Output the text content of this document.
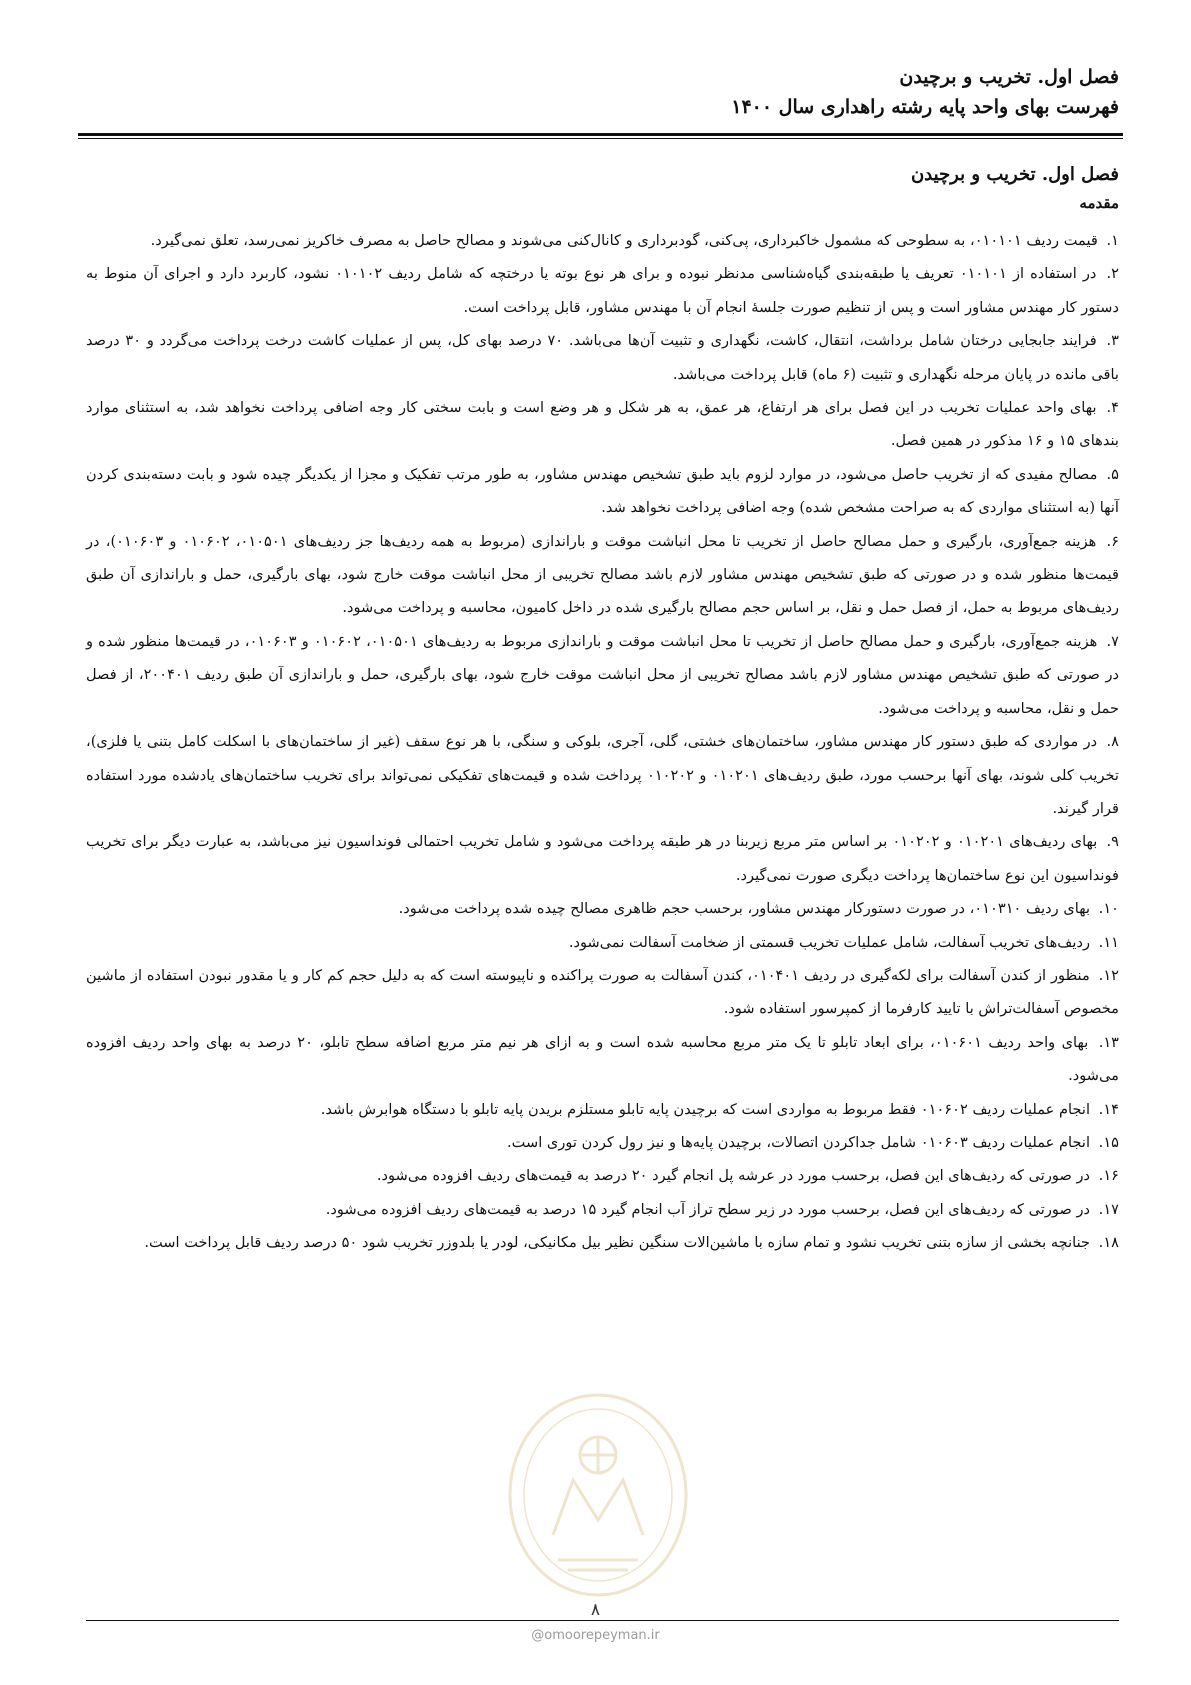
فصل اول. تخریب و برچیدن
فهرست بهای واحد پایه رشته راهداری سال ۱۴۰۰
فصل اول. تخریب و برچیدن
مقدمه
۱. قیمت ردیف ۰۱۰۱۰۱، به سطوحی که مشمول خاکبرداری، پی‌کنی، گودبرداری و کانال‌کنی می‌شوند و مصالح حاصل به مصرف خاکریز نمی‌رسد، تعلق نمی‌گیرد.
۲. در استفاده از ۰۱۰۱۰۱ تعریف یا طبقه‌بندی گیاه‌شناسی مدنظر نبوده و برای هر نوع بوته یا درختچه که شامل ردیف ۰۱۰۱۰۲ نشود، کاربرد دارد و اجرای آن منوط به دستور کار مهندس مشاور است و پس از تنظیم صورت جلسهٔ انجام آن با مهندس مشاور، قابل پرداخت است.
۳. فرایند جابجایی درختان شامل برداشت، انتقال، کاشت، نگهداری و تثبیت آن‌ها می‌باشد. ۷۰ درصد بهای کل، پس از عملیات کاشت درخت پرداخت می‌گردد و ۳۰ درصد باقی مانده در پایان مرحله نگهداری و تثبیت (۶ ماه) قابل پرداخت می‌باشد.
۴. بهای واحد عملیات تخریب در این فصل برای هر ارتفاع، هر عمق، به هر شکل و هر وضع است و بابت سختی کار وجه اضافی پرداخت نخواهد شد، به استثنای موارد بندهای ۱۵ و ۱۶ مذکور در همین فصل.
۵. مصالح مفیدی که از تخریب حاصل می‌شود، در موارد لزوم باید طبق تشخیص مهندس مشاور، به طور مرتب تفکیک و مجزا از یکدیگر چیده شود و بابت دسته‌بندی کردن آنها (به استثنای مواردی که به صراحت مشخص شده) وجه اضافی پرداخت نخواهد شد.
۶. هزینه جمع‌آوری، بارگیری و حمل مصالح حاصل از تخریب تا محل انباشت موقت و باراندازی (مربوط به همه ردیف‌ها جز ردیف‌های ۰۱۰۵۰۱، ۰۱۰۶۰۲ و ۰۱۰۶۰۳)، در قیمت‌ها منظور شده و در صورتی که طبق تشخیص مهندس مشاور لازم باشد مصالح تخریبی از محل انباشت موقت خارج شود، بهای بارگیری، حمل و باراندازی آن طبق ردیف‌های مربوط به حمل، از فصل حمل و نقل، بر اساس حجم مصالح بارگیری شده در داخل کامیون، محاسبه و پرداخت می‌شود.
۷. هزینه جمع‌آوری، بارگیری و حمل مصالح حاصل از تخریب تا محل انباشت موقت و باراندازی مربوط به ردیف‌های ۰۱۰۵۰۱، ۰۱۰۶۰۲ و ۰۱۰۶۰۳، در قیمت‌ها منظور شده و در صورتی که طبق تشخیص مهندس مشاور لازم باشد مصالح تخریبی از محل انباشت موقت خارج شود، بهای بارگیری، حمل و باراندازی آن طبق ردیف ۲۰۰۴۰۱، از فصل حمل و نقل، محاسبه و پرداخت می‌شود.
۸. در مواردی که طبق دستور کار مهندس مشاور، ساختمان‌های خشتی، گلی، آجری، بلوکی و سنگی، با هر نوع سقف (غیر از ساختمان‌های با اسکلت کامل بتنی یا فلزی)، تخریب کلی شوند، بهای آنها برحسب مورد، طبق ردیف‌های ۰۱۰۲۰۱ و ۰۱۰۲۰۲ پرداخت شده و قیمت‌های تفکیکی نمی‌تواند برای تخریب ساختمان‌های یادشده مورد استفاده قرار گیرند.
۹. بهای ردیف‌های ۰۱۰۲۰۱ و ۰۱۰۲۰۲ بر اساس متر مربع زیربنا در هر طبقه پرداخت می‌شود و شامل تخریب احتمالی فونداسیون نیز می‌باشد، به عبارت دیگر برای تخریب فونداسیون این نوع ساختمان‌ها پرداخت دیگری صورت نمی‌گیرد.
۱۰. بهای ردیف ۰۱۰۳۱۰، در صورت دستورکار مهندس مشاور، برحسب حجم ظاهری مصالح چیده شده پرداخت می‌شود.
۱۱. ردیف‌های تخریب آسفالت، شامل عملیات تخریب قسمتی از ضخامت آسفالت نمی‌شود.
۱۲. منظور از کندن آسفالت برای لکه‌گیری در ردیف ۰۱۰۴۰۱، کندن آسفالت به صورت پراکنده و ناپیوسته است که به دلیل حجم کم کار و یا مقدور نبودن استفاده از ماشین مخصوص آسفالت‌تراش با تایید کارفرما از کمپرسور استفاده شود.
۱۳. بهای واحد ردیف ۰۱۰۶۰۱، برای ابعاد تابلو تا یک متر مربع محاسبه شده است و به ازای هر نیم متر مربع اضافه سطح تابلو، ۲۰ درصد به بهای واحد ردیف افزوده می‌شود.
۱۴. انجام عملیات ردیف ۰۱۰۶۰۲ فقط مربوط به مواردی است که برچیدن پایه تابلو مستلزم بریدن پایه تابلو با دستگاه هوابرش باشد.
۱۵. انجام عملیات ردیف ۰۱۰۶۰۳ شامل جداکردن اتصالات، برچیدن پایه‌ها و نیز رول کردن توری است.
۱۶. در صورتی که ردیف‌های این فصل، برحسب مورد در عرشه پل انجام گیرد ۲۰ درصد به قیمت‌های ردیف افزوده می‌شود.
۱۷. در صورتی که ردیف‌های این فصل، برحسب مورد در زیر سطح تراز آب انجام گیرد ۱۵ درصد به قیمت‌های ردیف افزوده می‌شود.
۱۸. جنانچه بخشی از سازه بتنی تخریب نشود و تمام سازه با ماشین‌الات سنگین نظیر بیل مکانیکی، لودر یا بلدوزر تخریب شود ۵۰ درصد ردیف قابل پرداخت است.
۸
@omoorepeyman.ir
